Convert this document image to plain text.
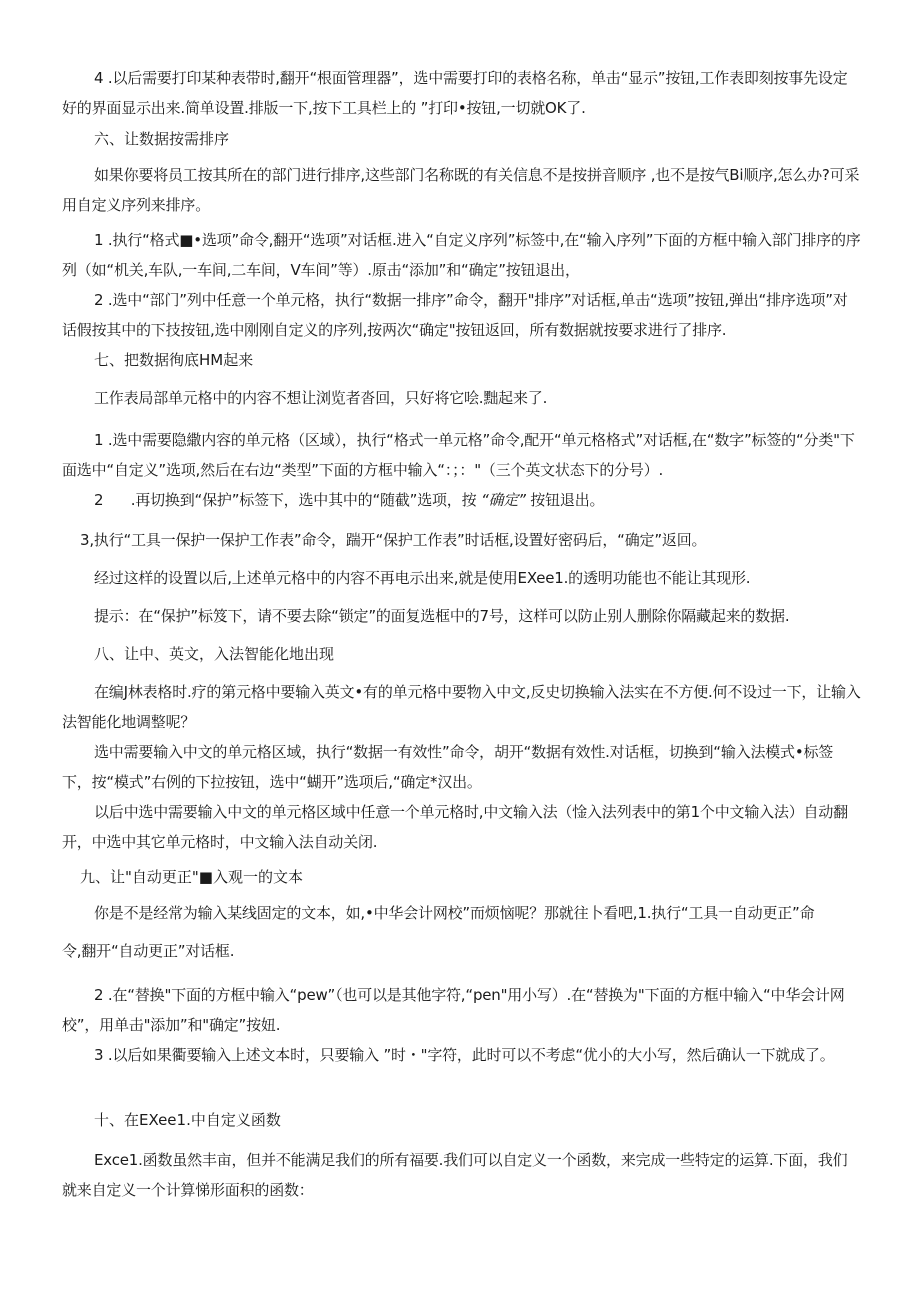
4 .以后需要打印某种表带时,翻开“根面管理器”，选中需要打印的表格名称，单击“显示”按钮,工作表即刻按事先设定好的界面显示出来.简单设置.排版一下,按下工具栏上的 ”打印•按钮,一切就OK了.
六、让数据按需排序
如果你要将员工按其所在的部门进行排序,这些部门名称既的有关信息不是按拼音顺序 ,也不是按气Bi顺序,怎么办?可采用自定义序列来排序。
1 .执行“格式■•选项”命令,翻开“选项”对话框.进入“自定义序列”标签中,在“输入序列”下面的方框中输入部门排序的序列（如“机关,车队,一车间,二车间，V车间”等）.原击“添加”和“确定”按钮退出，
2 .选中“部门”列中任意一个单元格，执行“数据一排序”命令，翻开"排序”对话框,单击“选项”按钮,弹出“排序选项”对话假按其中的下技按钮,选中刚刚自定义的序列,按两次“确定"按钮返回，所有数据就按要求进行了排序.
七、把数据徇底HM起来
工作表局部单元格中的内容不想让浏览者沓回，只好将它哙.黜起来了.
1 .选中需要隐繖内容的单元格（区域），执行“格式一单元格”命令,配开“单元格格式”对话框,在“数字”标签的“分类"下面选中“自定义”选项,然后在右边“类型”下面的方框中输入“：；："（三个英文状态下的分号）.
2      .再切换到“保护”标签下，选中其中的“随截”选项，按 “确定” 按钮退出。
3,执行“工具一保护一保护工作表”命令，踹开“保护工作表”时话框,设置好密码后，“确定”返回。
经过这样的设置以后,上述单元格中的内容不再电示出来,就是使用EXee1.的透明功能也不能让其现形.
提示：在“保护”标笈下，请不要去除“锁定”的面复选框中的7号，这样可以防止别人删除你隔藏起来的数据.
八、让中、英文，入法智能化地出现
在编J林表格时.疗的第元格中要输入英文•有的单元格中要物入中文,反史切换输入法实在不方便.何不设过一下，让输入法智能化地调整呢？
选中需要输入中文的单元格区域，执行“数据一有效性”命令，胡开“数据有效性.对话框，切换到“输入法模式•标签下，按“模式”右例的下拉按钮，选中“蝴开”选项后,“确定*汉出。
以后中选中需要输入中文的单元格区域中任意一个单元格时,中文输入法（惍入法列表中的第1个中文输入法）自动翻开，中选中其它单元格时，中文输入法自动关闭.
九、让"自动更正"■入观一的文本
你是不是经常为输入某线固定的文本，如,•中华会计网校”而烦恼呢？那就往卜看吧,1.执行“工具一自动更正”命
令,翻开“自动更正”对话框.
2 .在“替换"下面的方框中输入“pew”（也可以是其他字符,“pen"用小写）.在“替换为"下面的方框中输入“中华会计网校”，用单击"添加”和"确定”按妞.
3 .以后如果衢要输入上述文本时，只要输入 ”时・"字符，此时可以不考虑“优小的大小写，然后确认一下就成了。
十、在EXee1.中自定义函数
Exce1.函数虽然丰亩，但并不能满足我们的所有福要.我们可以自定义一个函数，来完成一些特定的运算.下面，我们就来自定义一个计算悌形面积的函数：
